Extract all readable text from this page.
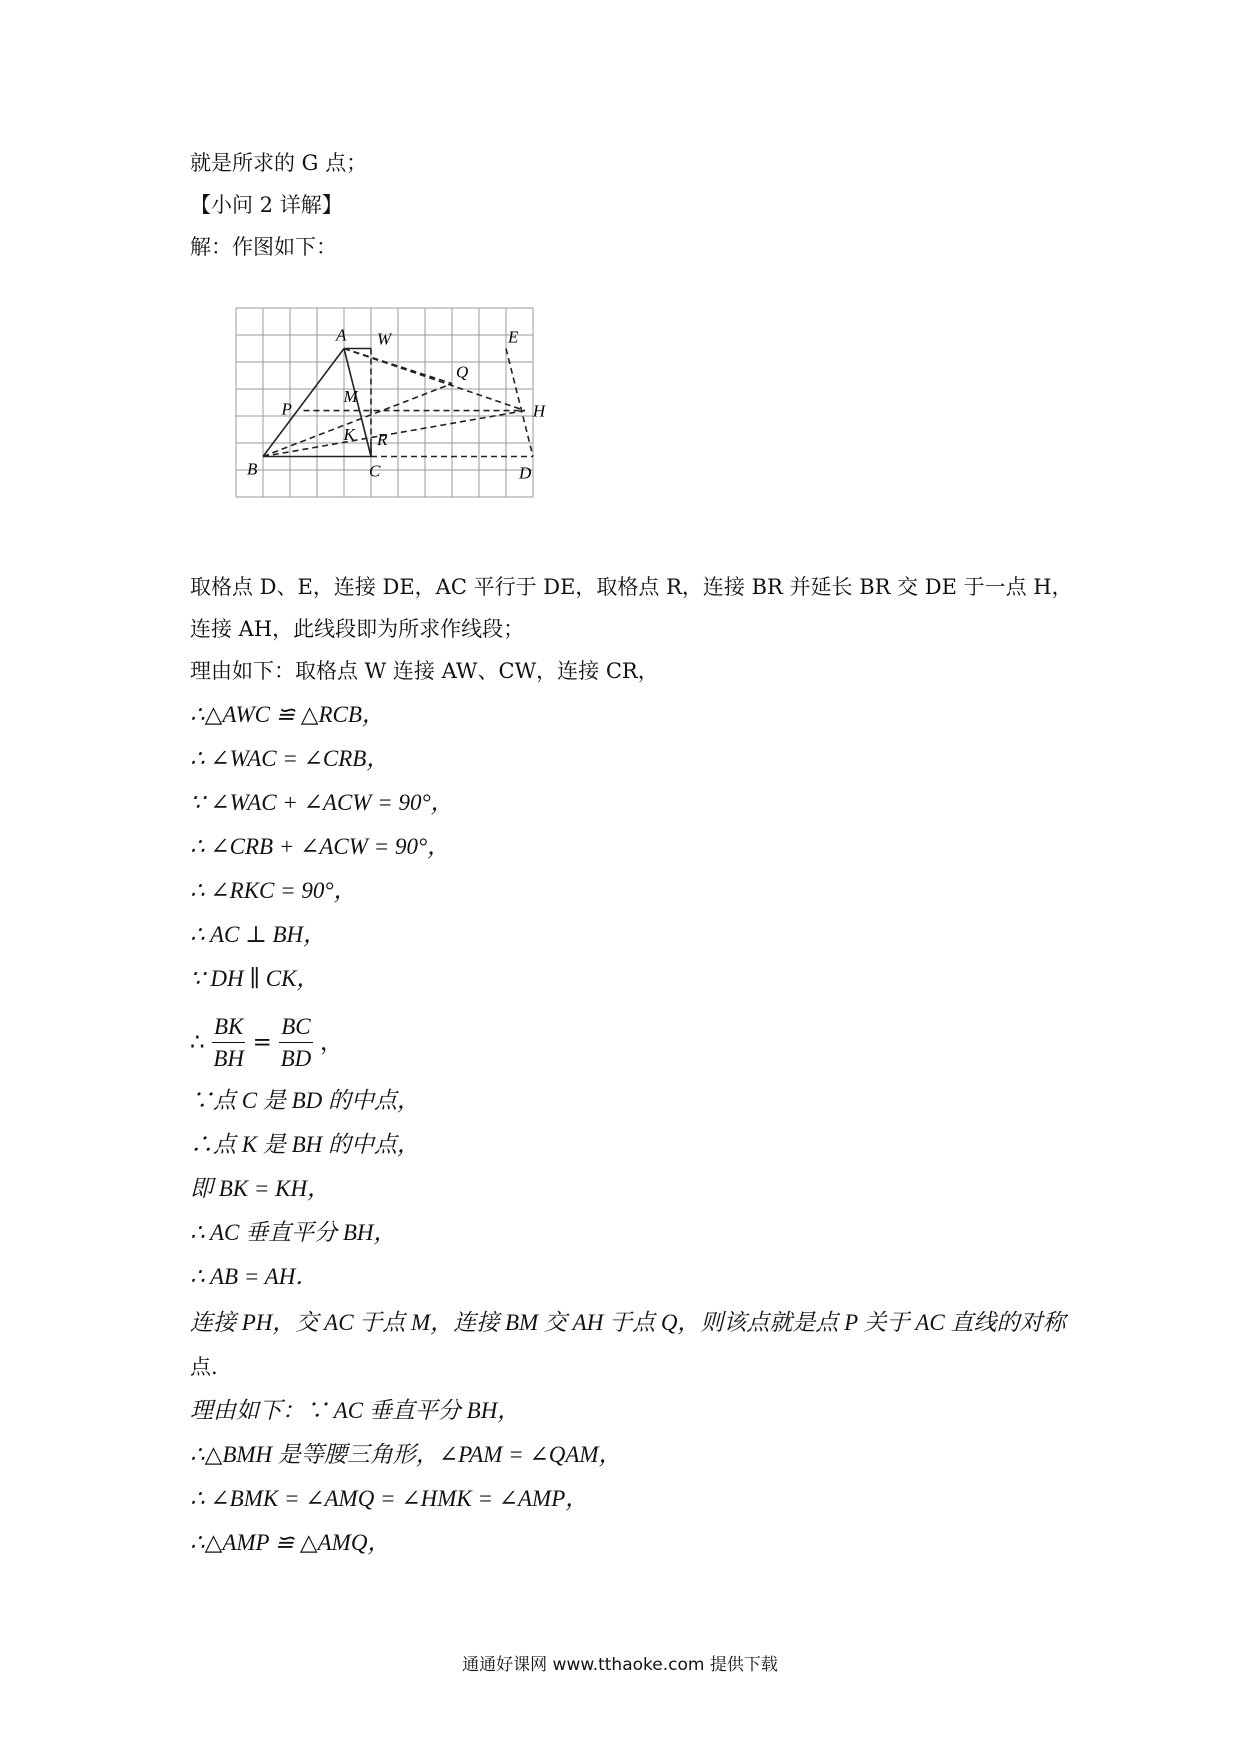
就是所求的 G 点；
【小问 2 详解】
解：作图如下：
A W	E
B	C
R
D
H
P
M
K
Q
取格点 D、E，连接 DE，AC 平行于 DE，取格点 R，连接 BR 并延长 BR 交 DE 于一点 H，
连接 AH，此线段即为所求作线段；
理由如下：取格点 W 连接 AW、CW，连接 CR，
∴△AWC ≌ △RCB，
∴ ∠WAC = ∠CRB，
∵ ∠WAC + ∠ACW = 90°，
∴ ∠CRB + ∠ACW = 90°，
∴ ∠RKC = 90°，
∴ AC ⊥ BH，
∵ DH ∥ CK，
∴ $\frac{BK}{BH} = \frac{BC}{BD}$ ，
∵点 C 是 BD 的中点，
∴点 K 是 BH 的中点，
即 BK = KH，
∴ AC 垂直平分 BH，
∴ AB = AH．
连接 PH，交 AC 于点 M，连接 BM 交 AH 于点 Q，则该点就是点 P 关于 AC 直线的对称
点.
理由如下：∵ AC 垂直平分 BH，
∴△BMH 是等腰三角形，∠PAM = ∠QAM，
∴ ∠BMK = ∠AMQ = ∠HMK = ∠AMP，
∴△AMP ≌ △AMQ，
通通好课网 www.tthaoke.com 提供下载
